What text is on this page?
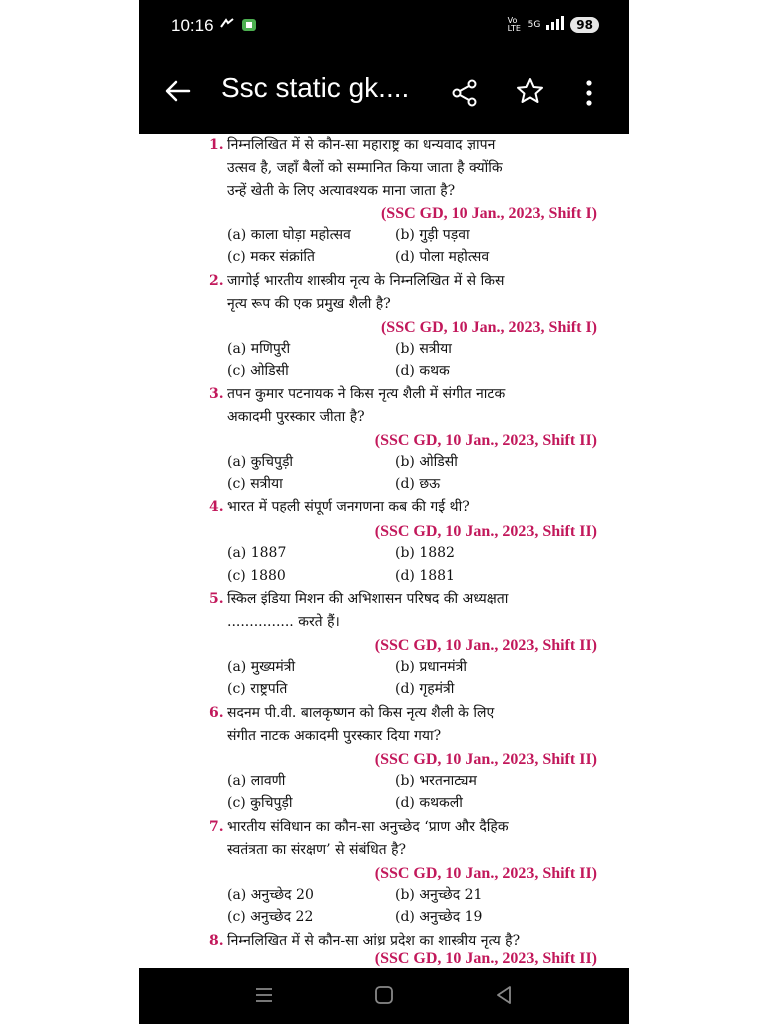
10:16	Vo LTE 5G	98
Ssc static gk....
1. निम्नलिखित में से कौन-सा महाराष्ट्र का धन्यवाद ज्ञापन
उत्सव है, जहाँ बैलों को सम्मानित किया जाता है क्योंकि
उन्हें खेती के लिए अत्यावश्यक माना जाता है?
(SSC GD, 10 Jan., 2023, Shift I)
(a) काला घोड़ा महोत्सव	(b) गुड़ी पड़वा
(c) मकर संक्रांति	(d) पोला महोत्सव
2. जागोई भारतीय शास्त्रीय नृत्य के निम्नलिखित में से किस
नृत्य रूप की एक प्रमुख शैली है?
(SSC GD, 10 Jan., 2023, Shift I)
(a) मणिपुरी	(b) सत्रीया
(c) ओडिसी	(d) कथक
3. तपन कुमार पटनायक ने किस नृत्य शैली में संगीत नाटक
अकादमी पुरस्कार जीता है?
(SSC GD, 10 Jan., 2023, Shift II)
(a) कुचिपुड़ी	(b) ओडिसी
(c) सत्रीया	(d) छऊ
4. भारत में पहली संपूर्ण जनगणना कब की गई थी?
(SSC GD, 10 Jan., 2023, Shift II)
(a) 1887	(b) 1882
(c) 1880	(d) 1881
5. स्किल इंडिया मिशन की अभिशासन परिषद की अध्यक्षता
............... करते हैं।
(SSC GD, 10 Jan., 2023, Shift II)
(a) मुख्यमंत्री	(b) प्रधानमंत्री
(c) राष्ट्रपति	(d) गृहमंत्री
6. सदनम पी.वी. बालकृष्णन को किस नृत्य शैली के लिए
संगीत नाटक अकादमी पुरस्कार दिया गया?
(SSC GD, 10 Jan., 2023, Shift II)
(a) लावणी	(b) भरतनाट्यम
(c) कुचिपुड़ी	(d) कथकली
7. भारतीय संविधान का कौन-सा अनुच्छेद ‘प्राण और दैहिक
स्वतंत्रता का संरक्षण’ से संबंधित है?
(SSC GD, 10 Jan., 2023, Shift II)
(a) अनुच्छेद 20	(b) अनुच्छेद 21
(c) अनुच्छेद 22	(d) अनुच्छेद 19
8. निम्नलिखित में से कौन-सा आंध्र प्रदेश का शास्त्रीय नृत्य है?
(SSC GD, 10 Jan., 2023, Shift II)
